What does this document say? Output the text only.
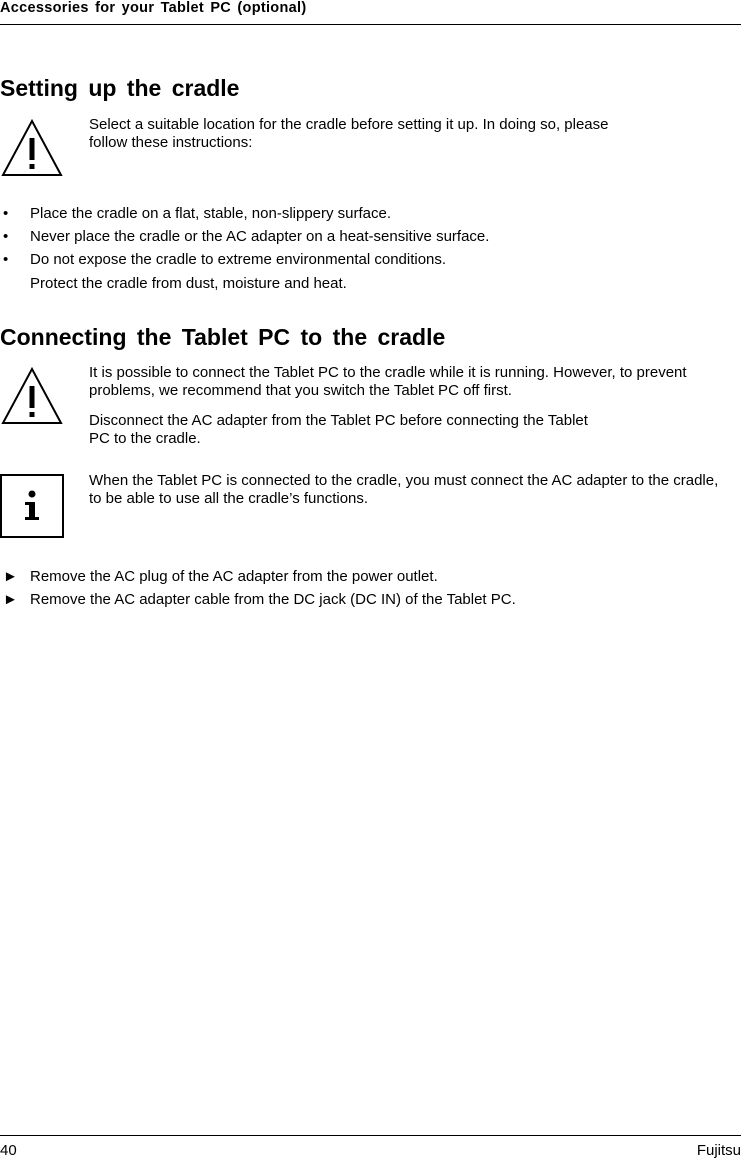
Accessories for your Tablet PC (optional)
Setting up the cradle

Select a suitable location for the cradle before setting it up. In doing so, please follow these instructions:

• Place the cradle on a flat, stable, non-slippery surface.
• Never place the cradle or the AC adapter on a heat-sensitive surface.
• Do not expose the cradle to extreme environmental conditions.

Protect the cradle from dust, moisture and heat.

Connecting the Tablet PC to the cradle

It is possible to connect the Tablet PC to the cradle while it is running. However, to prevent problems, we recommend that you switch the Tablet PC off first.

Disconnect the AC adapter from the Tablet PC before connecting the Tablet PC to the cradle.

When the Tablet PC is connected to the cradle, you must connect the AC adapter to the cradle, to be able to use all the cradle’s functions.

► Remove the AC plug of the AC adapter from the power outlet.
► Remove the AC adapter cable from the DC jack (DC IN) of the Tablet PC.
40	Fujitsu
